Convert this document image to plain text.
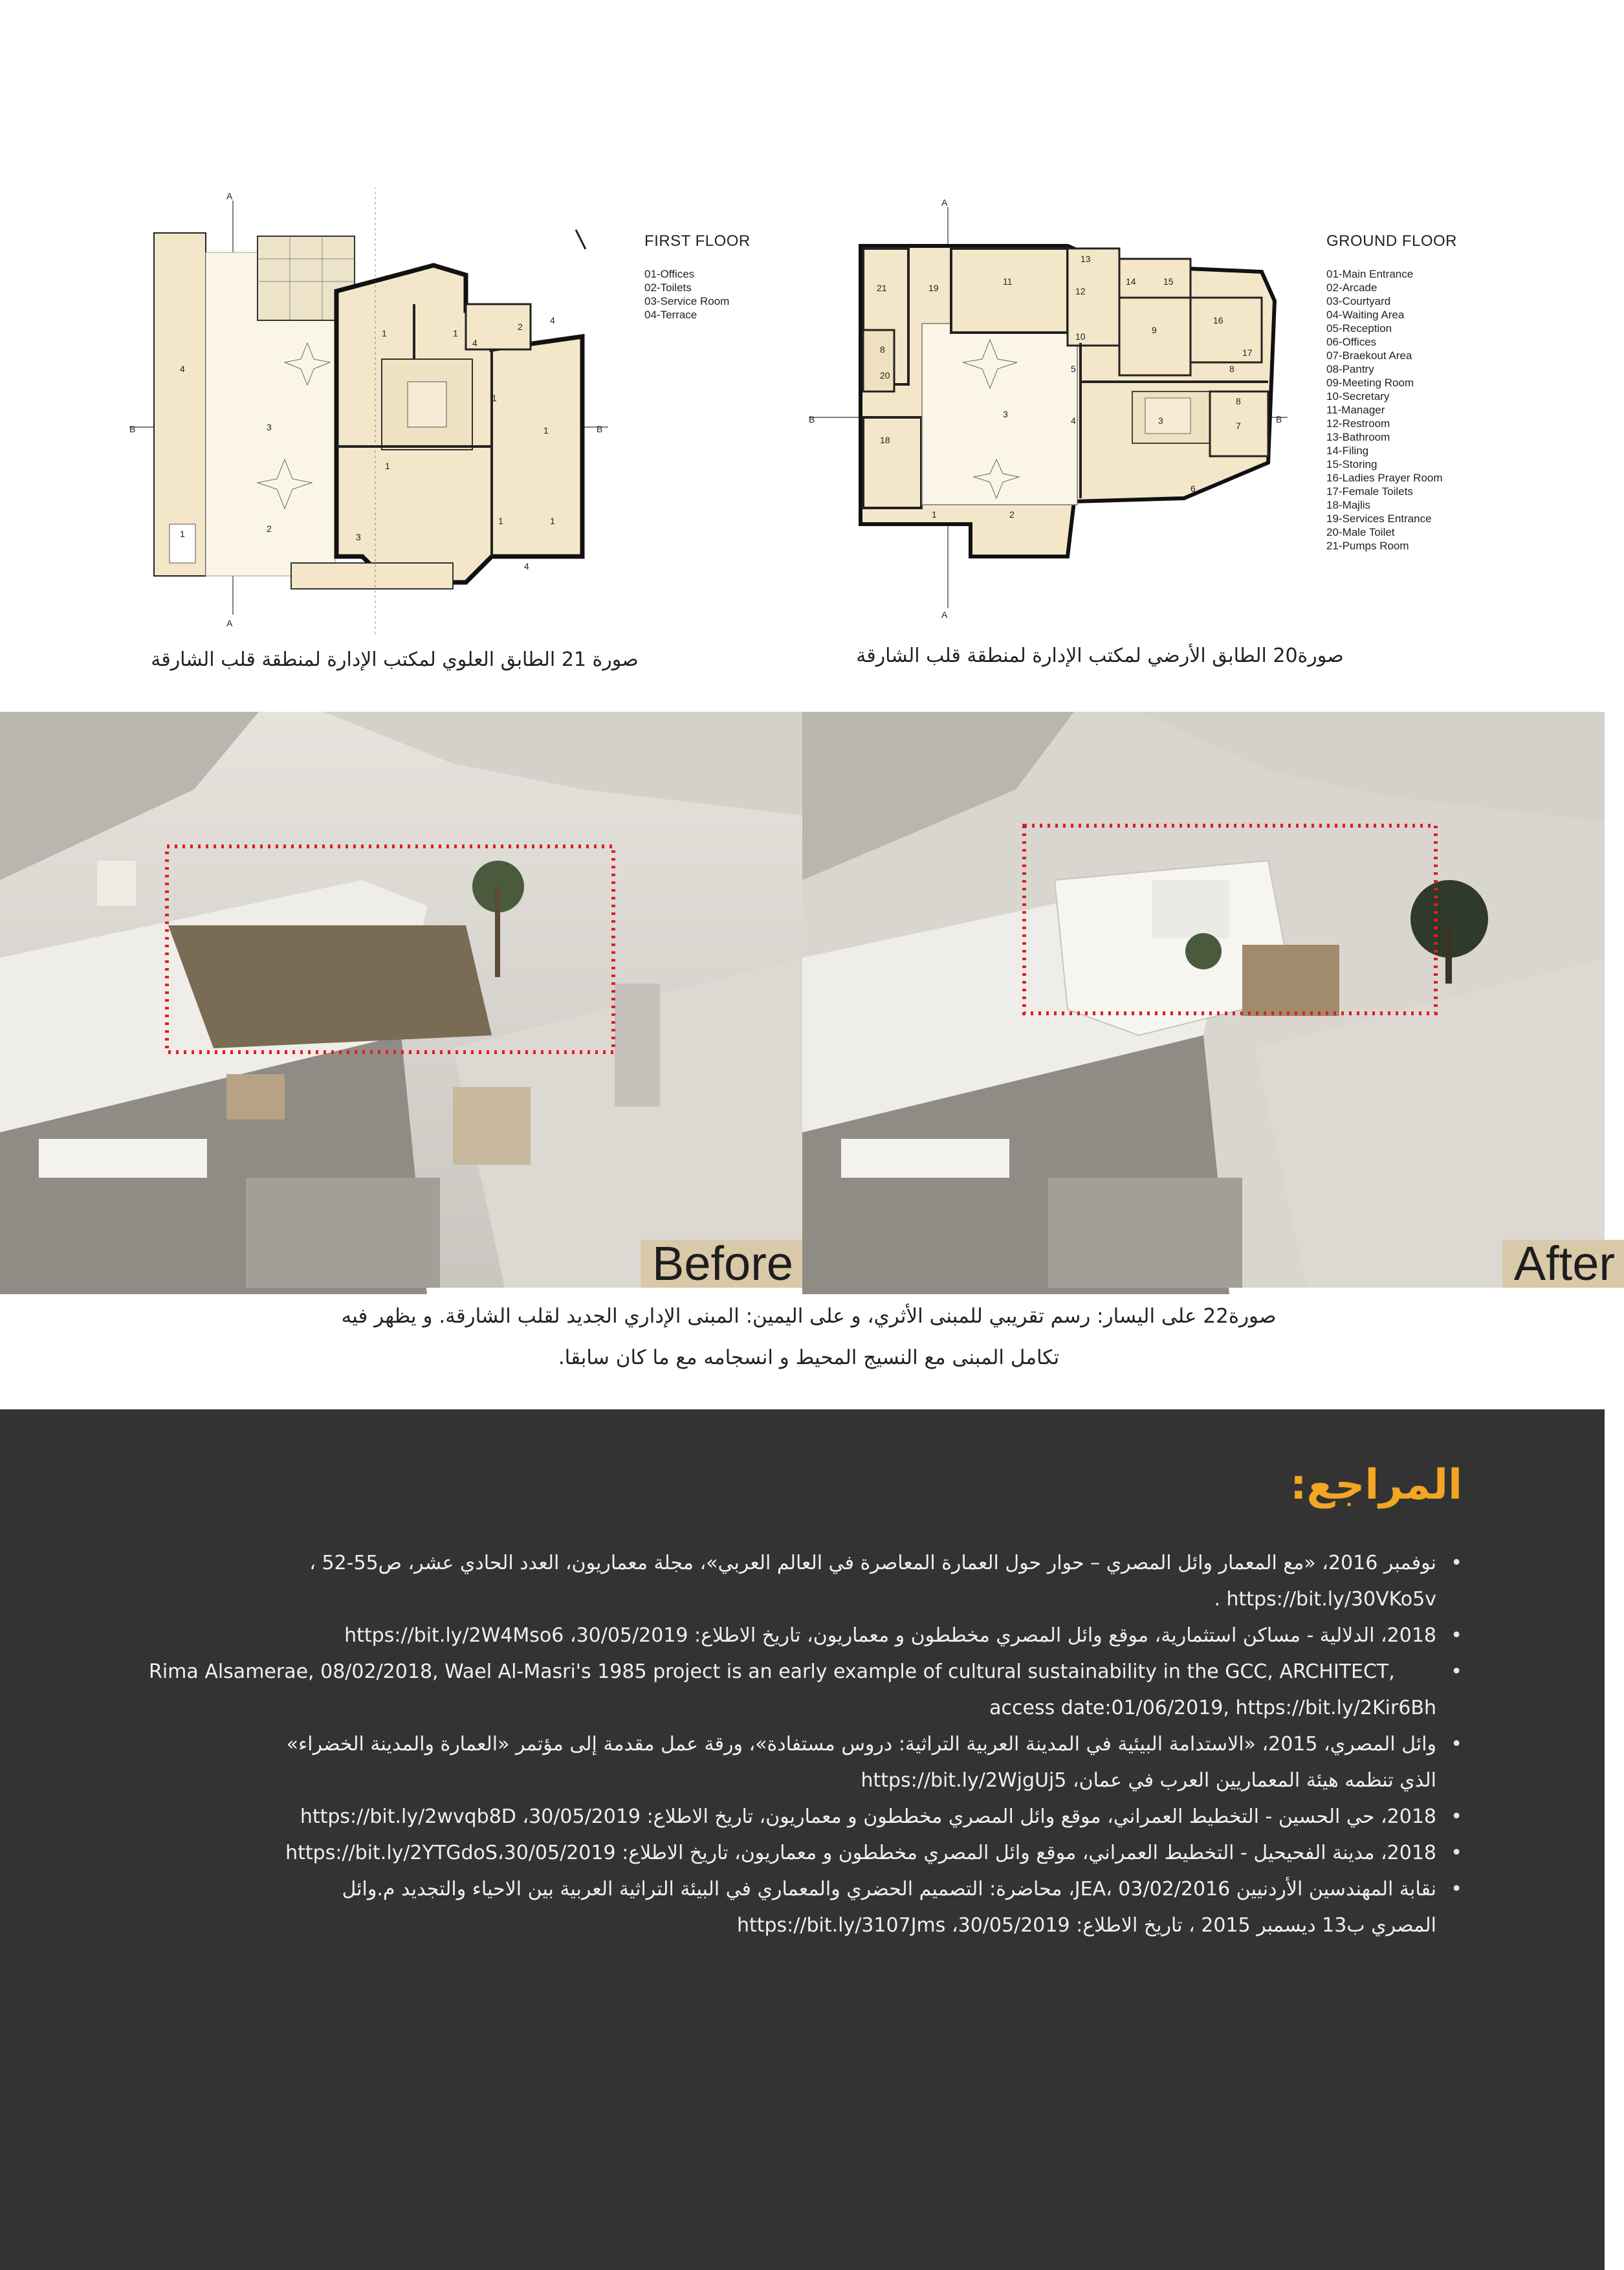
4
1	2
3
1
1
2
4
1
1
1
1	1
3
4
4
A
A
B	B
FIRST FLOOR
01-Offices
02-Toilets
03-Service Room
04-Terrace
21	19
11
13
12
14	15
9
16
17
8
10
5
7
4
3
3
18
20
8
1	2
6
8
A
A
B	B
GROUND FLOOR
01-Main Entrance
02-Arcade
03-Courtyard
04-Waiting Area
05-Reception
06-Offices
07-Braekout Area
08-Pantry
09-Meeting Room
10-Secretary
11-Manager
12-Restroom
13-Bathroom
14-Filing
15-Storing
16-Ladies Prayer Room
17-Female Toilets
18-Majlis
19-Services Entrance
20-Male Toilet
21-Pumps Room
صورة 21 الطابق العلوي لمكتب الإدارة لمنطقة قلب الشارقة	صورة20 الطابق الأرضي لمكتب الإدارة لمنطقة قلب الشارقة
Before	After
صورة22 على اليسار: رسم تقريبي للمبنى الأثري، و على اليمين: المبنى الإداري الجديد لقلب الشارقة. و يظهر فيه
تكامل المبنى مع النسيج المحيط و انسجامه مع ما كان سابقا.
المراجع:
•
نوفمبر 2016، «مع المعمار وائل المصري – حوار حول العمارة المعاصرة في العالم العربي»، مجلة معماريون، العدد الحادي عشر، ص55-52 ،
https://bit.ly/30VKo5v .
•
2018، الدلالية - مساكن استثمارية، موقع وائل المصري مخططون و معماريون، تاريخ الاطلاع: 30/05/2019، https://bit.ly/2W4Mso6
•
Rima Alsamerae, 08/02/2018, Wael Al-Masri's 1985 project is an early example of cultural sustainability in the GCC, ARCHITECT,
access date:01/06/2019, https://bit.ly/2Kir6Bh
•
وائل المصري، 2015، «الاستدامة البيئية في المدينة العربية التراثية: دروس مستفادة»، ورقة عمل مقدمة إلى مؤتمر «العمارة والمدينة الخضراء»
الذي تنظمه هيئة المعماريين العرب في عمان، https://bit.ly/2WjgUj5
•
2018، حي الحسين - التخطيط العمراني، موقع وائل المصري مخططون و معماريون، تاريخ الاطلاع: 30/05/2019، https://bit.ly/2wvqb8D
•
2018، مدينة الفحيحيل - التخطيط العمراني، موقع وائل المصري مخططون و معماريون، تاريخ الاطلاع: 30/05/2019،https://bit.ly/2YTGdoS
•
نقابة المهندسين الأردنيين JEA، 03/02/2016، محاضرة: التصميم الحضري والمعماري في البيئة التراثية العربية بين الاحياء والتجديد م.وائل
المصري ب13 ديسمبر 2015 ، تاريخ الاطلاع: 30/05/2019، https://bit.ly/3107Jms
